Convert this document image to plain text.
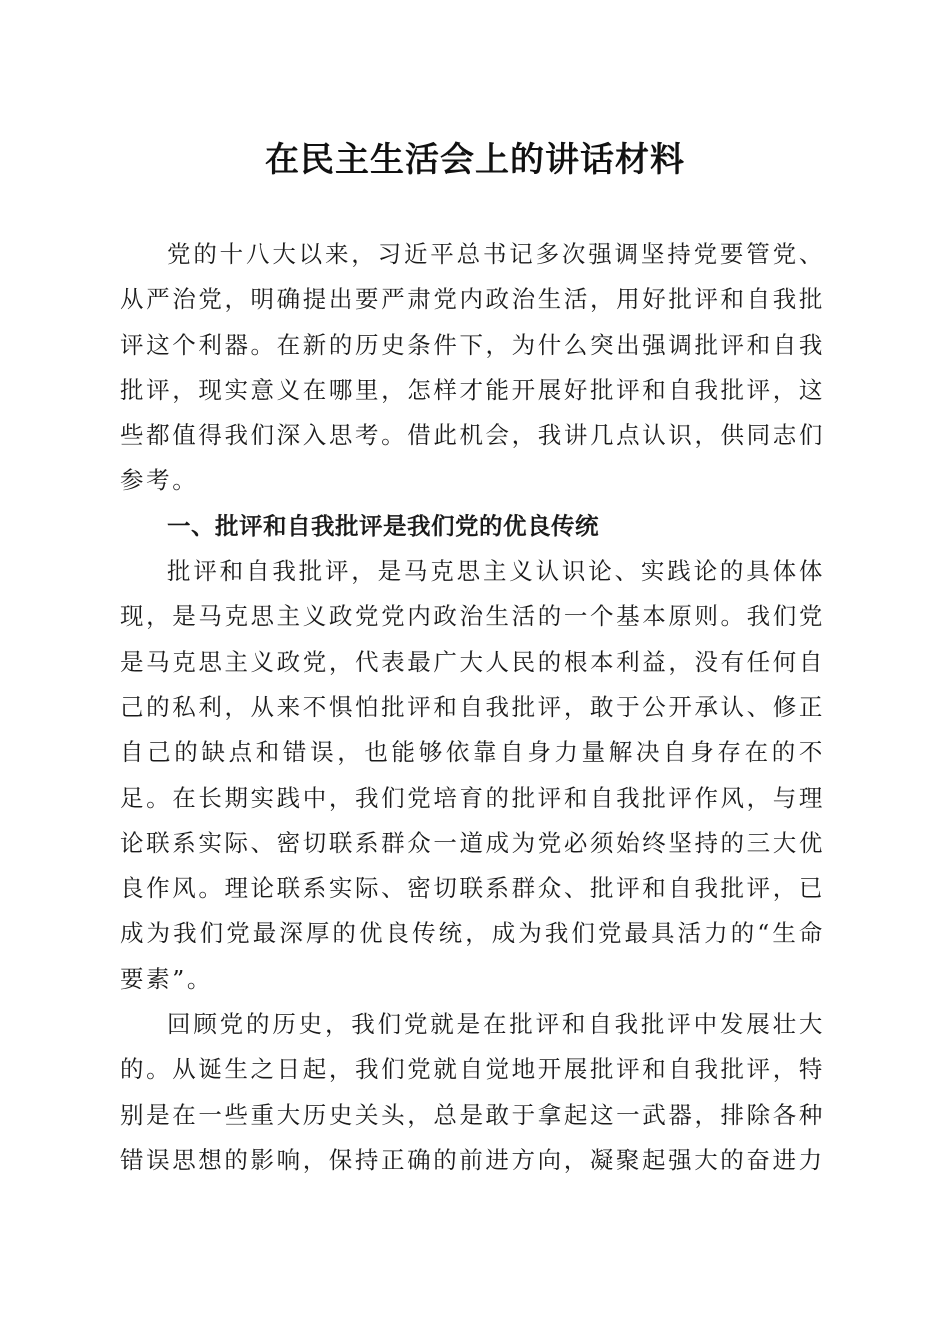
在民主生活会上的讲话材料

党的十八大以来，习近平总书记多次强调坚持党要管党、从严治党，明确提出要严肃党内政治生活，用好批评和自我批评这个利器。在新的历史条件下，为什么突出强调批评和自我批评，现实意义在哪里，怎样才能开展好批评和自我批评，这些都值得我们深入思考。借此机会，我讲几点认识，供同志们参考。

一、批评和自我批评是我们党的优良传统

批评和自我批评，是马克思主义认识论、实践论的具体体现，是马克思主义政党党内政治生活的一个基本原则。我们党是马克思主义政党，代表最广大人民的根本利益，没有任何自己的私利，从来不惧怕批评和自我批评，敢于公开承认、修正自己的缺点和错误，也能够依靠自身力量解决自身存在的不足。在长期实践中，我们党培育的批评和自我批评作风，与理论联系实际、密切联系群众一道成为党必须始终坚持的三大优良作风。理论联系实际、密切联系群众、批评和自我批评，已成为我们党最深厚的优良传统，成为我们党最具活力的“生命要素”。

回顾党的历史，我们党就是在批评和自我批评中发展壮大的。从诞生之日起，我们党就自觉地开展批评和自我批评，特别是在一些重大历史关头，总是敢于拿起这一武器，排除各种错误思想的影响，保持正确的前进方向，凝聚起强大的奋进力
